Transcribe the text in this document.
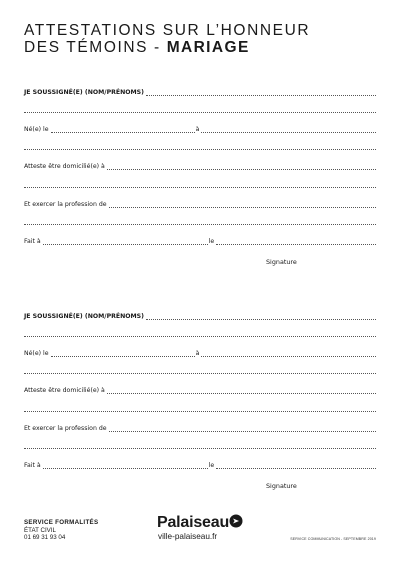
ATTESTATIONS SUR L’HONNEUR
DES TÉMOINS - MARIAGE
JE SOUSSIGNÉ(E) (NOM/PRÉNOMS)
Né(e) le	à
Atteste être domicilié(e) à
Et exercer la profession de
Fait à	le
Signature
JE SOUSSIGNÉ(E) (NOM/PRÉNOMS)
Né(e) le	à
Atteste être domicilié(e) à
Et exercer la profession de
Fait à	le
Signature
SERVICE FORMALITÉS
ÉTAT CIVIL
01 69 31 93 04
Palaiseau
ville-palaiseau.fr	SERVICE COMMUNICATION - SEPTEMBRE 2019
